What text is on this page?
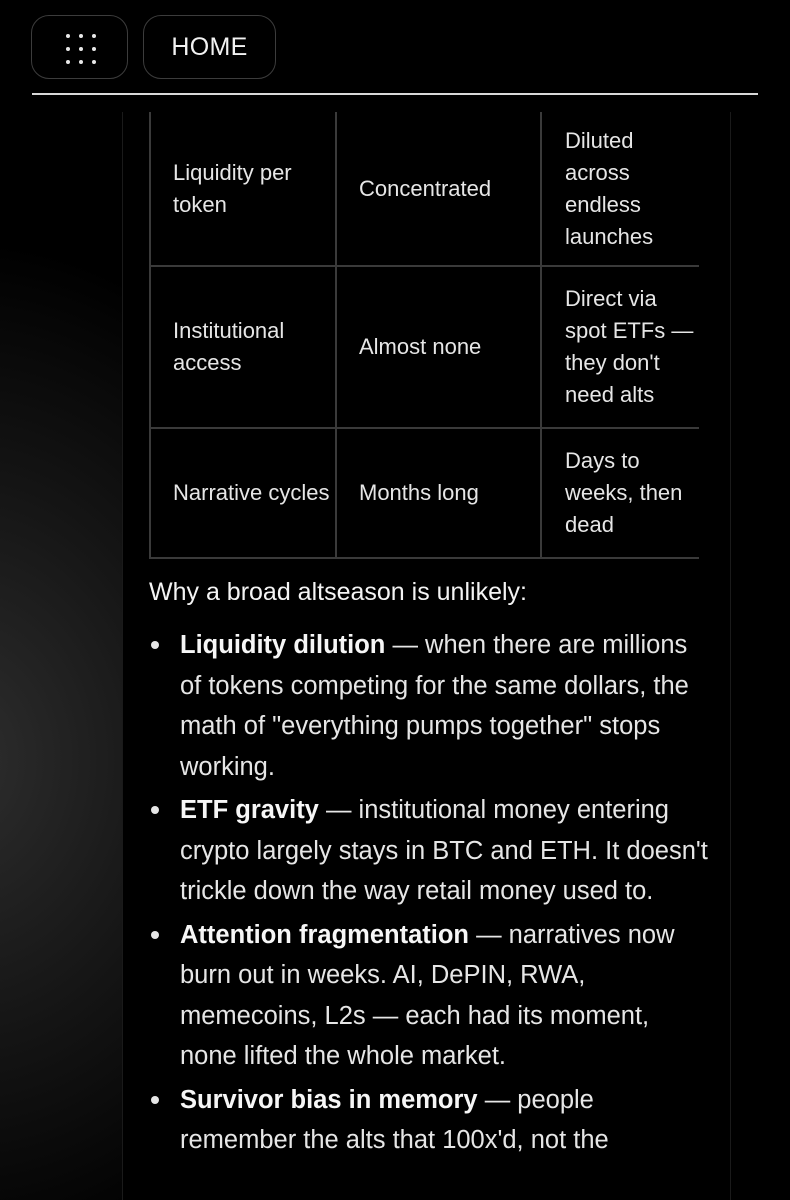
HOME
Liquidity per token	Concentrated	Diluted across endless launches
Institutional access	Almost none	Direct via spot ETFs — they don't need alts
Narrative cycles	Months long	Days to weeks, then dead
Why a broad altseason is unlikely:
Liquidity dilution — when there are millions of tokens competing for the same dollars, the math of "everything pumps together" stops working.
ETF gravity — institutional money entering crypto largely stays in BTC and ETH. It doesn't trickle down the way retail money used to.
Attention fragmentation — narratives now burn out in weeks. AI, DePIN, RWA, memecoins, L2s — each had its moment, none lifted the whole market.
Survivor bias in memory — people remember the alts that 100x'd, not the
